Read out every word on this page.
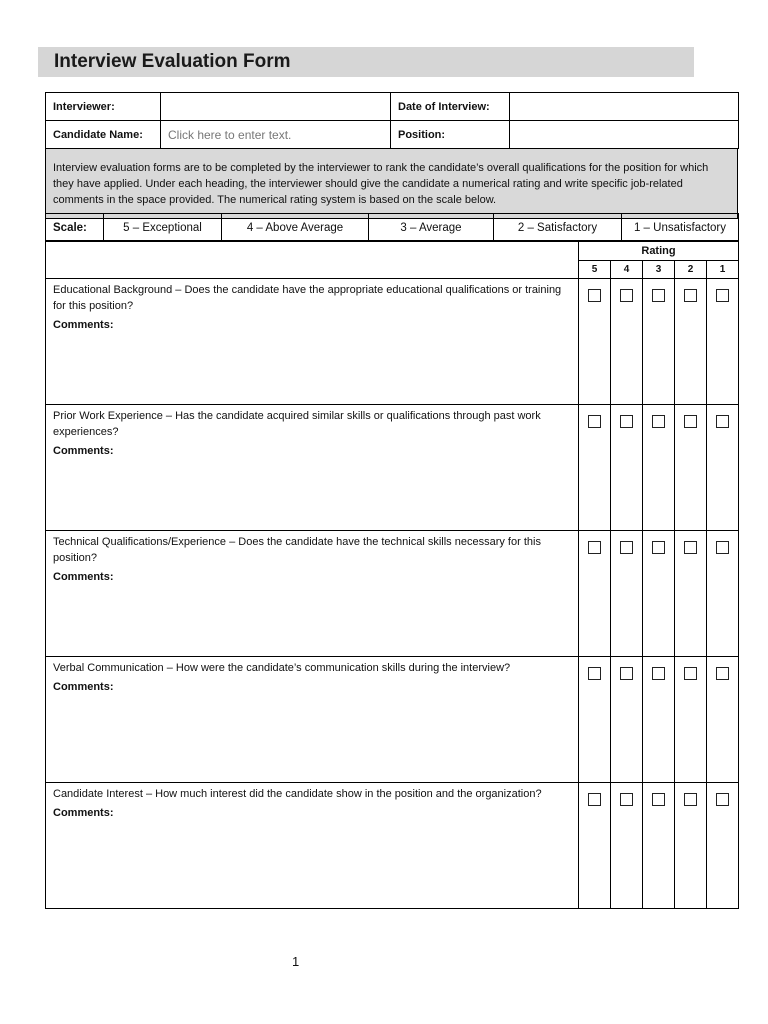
Interview Evaluation Form
Interviewer:		Date of Interview:	
Candidate Name:	Click here to enter text.	Position:	
Interview evaluation forms are to be completed by the interviewer to rank the candidate’s overall qualifications for the position for which they have applied. Under each heading, the interviewer should give the candidate a numerical rating and write specific job-related comments in the space provided. The numerical rating system is based on the scale below.
Scale:	5 – Exceptional	4 – Above Average	3 – Average	2 – Satisfactory	1 – Unsatisfactory
	Rating				
	5	4	3	2	1

Educational Background – Does the candidate have the appropriate educational qualifications or training for this position?
Comments:					

Prior Work Experience – Has the candidate acquired similar skills or qualifications through past work experiences?
Comments:					

Technical Qualifications/Experience – Does the candidate have the technical skills necessary for this position?
Comments:					

Verbal Communication – How were the candidate’s communication skills during the interview?
Comments:					

Candidate Interest – How much interest did the candidate show in the position and the organization?
Comments:					

1
